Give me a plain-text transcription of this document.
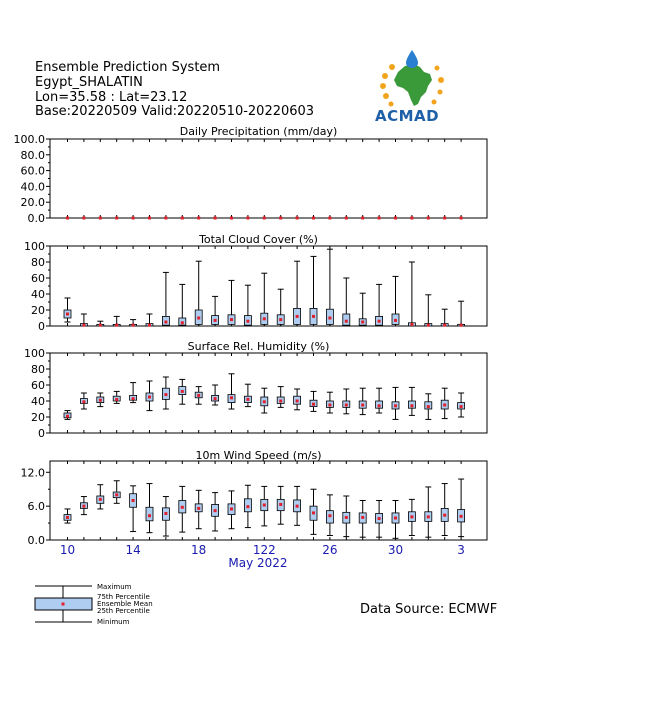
Ensemble Prediction System
Egypt_SHALATIN
Lon=35.58 : Lat=23.12
Base:20220509 Valid:20220510-20220603
Daily Precipitation (mm/day)
0.0
20.0
40.0
60.0
80.0
100.0
Total Cloud Cover (%)
0
20
40
60
80
100
Surface Rel. Humidity (%)
0
20
40
60
80
100
10m Wind Speed (m/s)
0.0
6.0
12.0
10	14	18	122	26	30	3
May 2022
Maximum
75th Percentile
Ensemble Mean
25th Percentile
Minimum
ACMAD
Data Source: ECMWF
